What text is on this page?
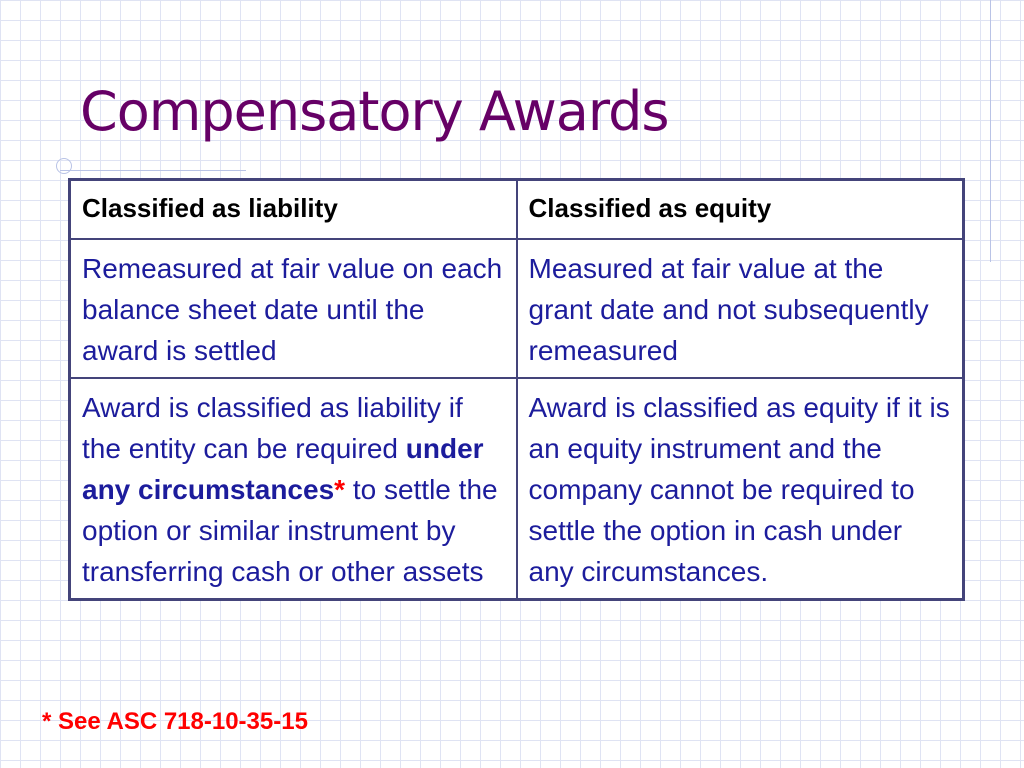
Compensatory Awards
Classified as liability	Classified as equity
Remeasured at fair value on each balance sheet date until the award is settled	Measured at fair value at the grant date and not subsequently remeasured
Award is classified as liability if the entity can be required under any circumstances* to settle the option or similar instrument by transferring cash or other assets	Award is classified as equity if it is an equity instrument and the company cannot be required to settle the option in cash under any circumstances.
* See ASC 718-10-35-15
